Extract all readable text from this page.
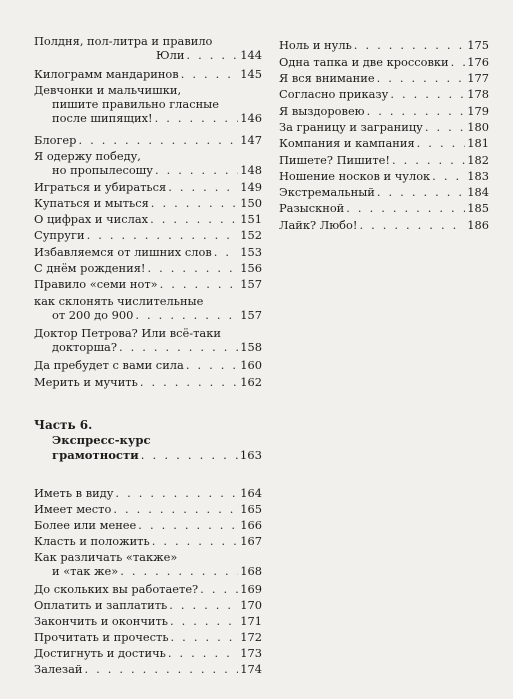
Полдня, пол-литра и правило
Юли . . .	144
Килограмм мандаринов . . .	145
Девчонки и мальчишки,
пишите правильно гласные
после шипящих! . . .	146
Блогер . . .	147
Я одержу победу,
но пропылесошу . . .	148
Играться и убираться . . .	149
Купаться и мыться . . .	150
О цифрах и числах . . .	151
Супруги . . .	152
Избавляемся от лишних слов . . .	153
С днём рождения! . . .	156
Правило «семи нот» . . .	157
как склонять числительные
от 200 до 900 . . .	157
Доктор Петрова? Или всё-таки
докторша? . . .	158
Да пребудет с вами сила . . .	160
Мерить и мучить . . .	162
Часть 6.
Экспресс-курс
грамотности . . .	163
Иметь в виду . . .	164
Имеет место . . .	165
Более или менее . . .	166
Класть и положить . . .	167
Как различать «также»
и «так же» . . .	168
До скольких вы работаете? . . .	169
Оплатить и заплатить . . .	170
Закончить и окончить . . .	171
Прочитать и прочесть . . .	172
Достигнуть и достичь . . .	173
Залезай . . .	174
Ноль и нуль . . .	175
Одна тапка и две кроссовки . . . 176
Я вся внимание . . .	177
Согласно приказу . . .	178
Я выздоровею . . .	179
За границу и заграницу . . .	180
Компания и кампания . . .	181
Пишете? Пишите! . . .	182
Ношение носков и чулок . . .	183
Экстремальный . . .	184
Разыскной . . .	185
Лайк? Любо! . . .	186
